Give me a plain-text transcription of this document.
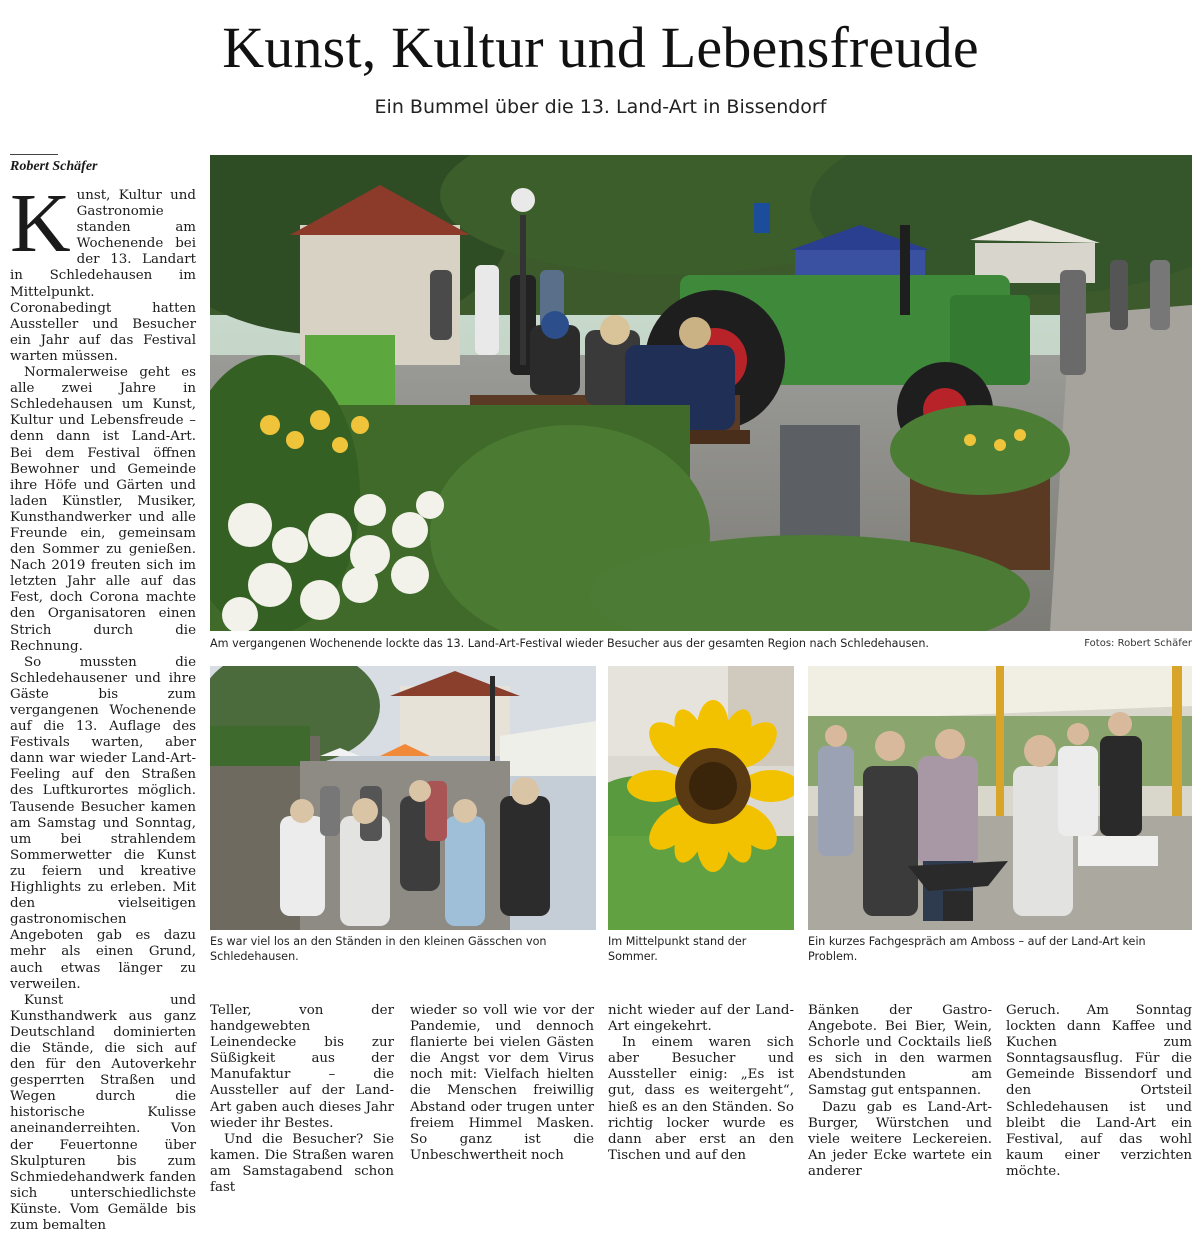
Kunst, Kultur und Lebensfreude

Ein Bummel über die 13. Land-Art in Bissendorf

Robert Schäfer

Kunst, Kultur und Gastronomie standen am Wochenende bei der 13. Landart in Schledehausen im Mittelpunkt. Coronabedingt hatten Aussteller und Besucher ein Jahr auf das Festival warten müssen.

Normalerweise geht es alle zwei Jahre in Schledehausen um Kunst, Kultur und Lebensfreude – denn dann ist Land-Art. Bei dem Festival öffnen Bewohner und Gemeinde ihre Höfe und Gärten und laden Künstler, Musiker, Kunsthandwerker und alle Freunde ein, gemeinsam den Sommer zu genießen. Nach 2019 freuten sich im letzten Jahr alle auf das Fest, doch Corona machte den Organisatoren einen Strich durch die Rechnung.

So mussten die Schledehausener und ihre Gäste bis zum vergangenen Wochenende auf die 13. Auflage des Festivals warten, aber dann war wieder Land-Art-Feeling auf den Straßen des Luftkurortes möglich. Tausende Besucher kamen am Samstag und Sonntag, um bei strahlendem Sommerwetter die Kunst zu feiern und kreative Highlights zu erleben. Mit den vielseitigen gastronomischen Angeboten gab es dazu mehr als einen Grund, auch etwas länger zu verweilen.

Kunst und Kunsthandwerk aus ganz Deutschland dominierten die Stände, die sich auf den für den Autoverkehr gesperrten Straßen und Wegen durch die historische Kulisse aneinanderreihten. Von der Feuertonne über Skulpturen bis zum Schmiedehandwerk fanden sich unterschiedlichste Künste. Vom Gemälde bis zum bemalten

Am vergangenen Wochenende lockte das 13. Land-Art-Festival wieder Besucher aus der gesamten Region nach Schledehausen.	Fotos: Robert Schäfer
Es war viel los an den Ständen in den kleinen Gässchen von Schledehausen.
Im Mittelpunkt stand der Sommer.
Ein kurzes Fachgespräch am Amboss – auf der Land-Art kein Problem.

Teller, von der handgewebten Leinendecke bis zur Süßigkeit aus der Manufaktur – die Aussteller auf der Land-Art gaben auch dieses Jahr wieder ihr Bestes.

Und die Besucher? Sie kamen. Die Straßen waren am Samstagabend schon fast

wieder so voll wie vor der Pandemie, und dennoch flanierte bei vielen Gästen die Angst vor dem Virus noch mit: Vielfach hielten die Menschen freiwillig Abstand oder trugen unter freiem Himmel Masken. So ganz ist die Unbeschwertheit noch

nicht wieder auf der Land-Art eingekehrt.

In einem waren sich aber Besucher und Aussteller einig: „Es ist gut, dass es weitergeht“, hieß es an den Ständen. So richtig locker wurde es dann aber erst an den Tischen und auf den

Bänken der Gastro-Angebote. Bei Bier, Wein, Schorle und Cocktails ließ es sich in den warmen Abendstunden am Samstag gut entspannen.

Dazu gab es Land-Art-Burger, Würstchen und viele weitere Leckereien. An jeder Ecke wartete ein anderer

Geruch. Am Sonntag lockten dann Kaffee und Kuchen zum Sonntagsausflug. Für die Gemeinde Bissendorf und den Ortsteil Schledehausen ist und bleibt die Land-Art ein Festival, auf das wohl kaum einer verzichten möchte.
